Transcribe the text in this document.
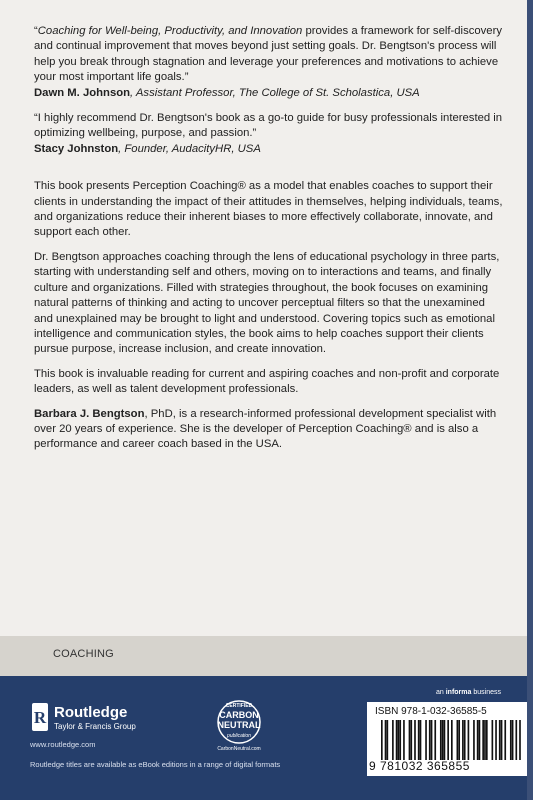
“Coaching for Well-being, Productivity, and Innovation provides a framework for self-discovery and continual improvement that moves beyond just setting goals. Dr. Bengtson's process will help you break through stagnation and leverage your preferences and motivations to achieve your most important life goals.”
Dawn M. Johnson, Assistant Professor, The College of St. Scholastica, USA

“I highly recommend Dr. Bengtson's book as a go-to guide for busy professionals interested in optimizing wellbeing, purpose, and passion.”
Stacy Johnston, Founder, AudacityHR, USA

This book presents Perception Coaching® as a model that enables coaches to support their clients in understanding the impact of their attitudes in themselves, helping individuals, teams, and organizations reduce their inherent biases to more effectively collaborate, innovate, and support each other.

Dr. Bengtson approaches coaching through the lens of educational psychology in three parts, starting with understanding self and others, moving on to interactions and teams, and finally culture and organizations. Filled with strategies throughout, the book focuses on examining natural patterns of thinking and acting to uncover perceptual filters so that the unexamined and unexplained may be brought to light and understood. Covering topics such as emotional intelligence and communication styles, the book aims to help coaches support their clients pursue purpose, increase inclusion, and create innovation.

This book is invaluable reading for current and aspiring coaches and non-profit and corporate leaders, as well as talent development professionals.

Barbara J. Bengtson, PhD, is a research-informed professional development specialist with over 20 years of experience. She is the developer of Perception Coaching® and is also a performance and career coach based in the USA.

COACHING
R Routledge
Taylor & Francis Group
www.routledge.com
CERTIFIED
CARBON
NEUTRAL
publication
CarbonNeutral.com
Routledge titles are available as eBook editions in a range of digital formats
an informa business
ISBN 978-1-032-36585-5
9 781032 365855
